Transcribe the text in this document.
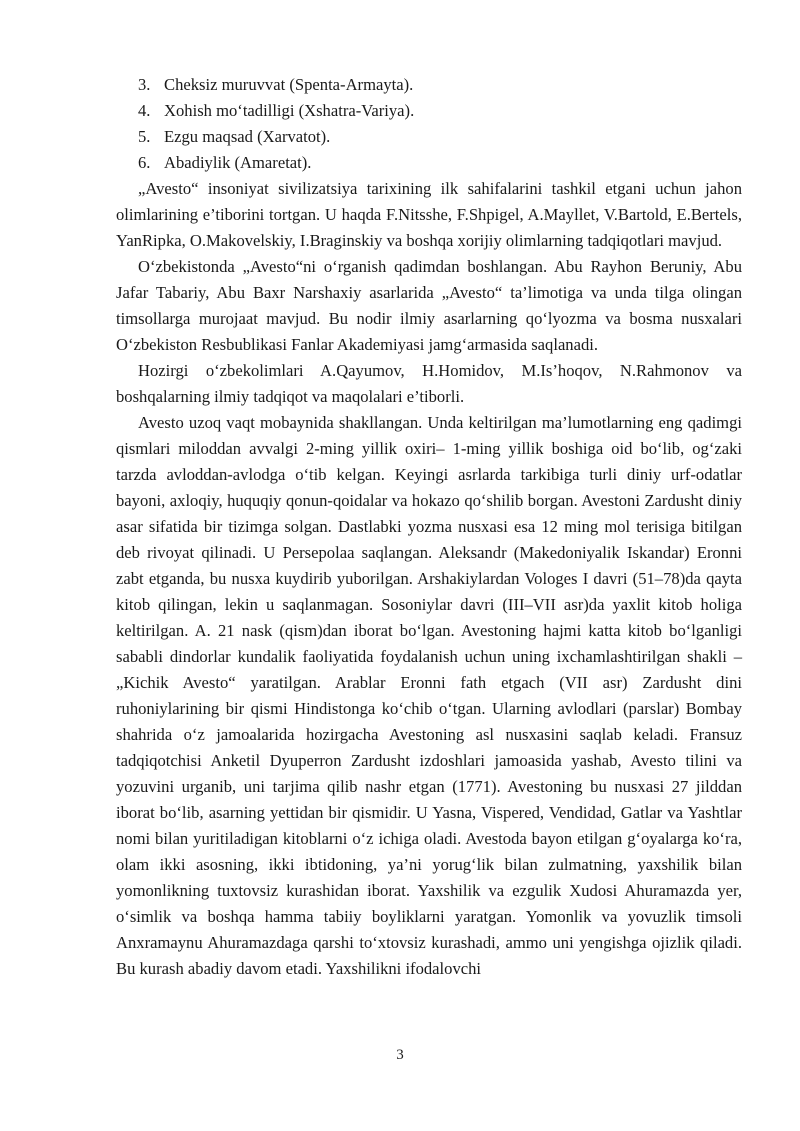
3. Cheksiz muruvvat (Spenta-Armayta).
4. Xohish mo‘tadilligi (Xshatra-Variya).
5. Ezgu maqsad (Xarvatot).
6. Abadiylik (Amaretat).

„Avesto“ insoniyat sivilizatsiya tarixining ilk sahifalarini tashkil etgani uchun jahon olimlarining e’tiborini tortgan. U haqda F.Nitsshe, F.Shpigel, A.Mayllet, V.Bartold, E.Bertels, YanRipka, O.Makovelskiy, I.Braginskiy va boshqa xorijiy olimlarning tadqiqotlari mavjud.

O‘zbekistonda „Avesto“ni o‘rganish qadimdan boshlangan. Abu Rayhon Beruniy, Abu Jafar Tabariy, Abu Baxr Narshaxiy asarlarida „Avesto“ ta’limotiga va unda tilga olingan timsollarga murojaat mavjud. Bu nodir ilmiy asarlarning qo‘lyozma va bosma nusxalari O‘zbekiston Resbublikasi Fanlar Akademiyasi jamg‘armasida saqlanadi.

Hozirgi o‘zbekolimlari A.Qayumov, H.Homidov, M.Is’hoqov, N.Rahmonov va boshqalarning ilmiy tadqiqot va maqolalari e’tiborli.

Avesto uzoq vaqt mobaynida shakllangan. Unda keltirilgan ma’lumotlarning eng qadimgi qismlari miloddan avvalgi 2-ming yillik oxiri– 1-ming yillik boshiga oid bo‘lib, og‘zaki tarzda avloddan-avlodga o‘tib kelgan. Keyingi asrlarda tarkibiga turli diniy urf-odatlar bayoni, axloqiy, huquqiy qonun-qoidalar va hokazo qo‘shilib borgan. Avestoni Zardusht diniy asar sifatida bir tizimga solgan. Dastlabki yozma nusxasi esa 12 ming mol terisiga bitilgan deb rivoyat qilinadi. U Persepolaa saqlangan. Aleksandr (Makedoniyalik Iskandar) Eronni zabt etganda, bu nusxa kuydirib yuborilgan. Arshakiylardan Vologes I davri (51–78)da qayta kitob qilingan, lekin u saqlanmagan. Sosoniylar davri (III–VII asr)da yaxlit kitob holiga keltirilgan. A. 21 nask (qism)dan iborat bo‘lgan. Avestoning hajmi katta kitob bo‘lganligi sababli dindorlar kundalik faoliyatida foydalanish uchun uning ixchamlashtirilgan shakli – „Kichik Avesto“ yaratilgan. Arablar Eronni fath etgach (VII asr) Zardusht dini ruhoniylarining bir qismi Hindistonga ko‘chib o‘tgan. Ularning avlodlari (parslar) Bombay shahrida o‘z jamoalarida hozirgacha Avestoning asl nusxasini saqlab keladi. Fransuz tadqiqotchisi Anketil Dyuperron Zardusht izdoshlari jamoasida yashab, Avesto tilini va yozuvini urganib, uni tarjima qilib nashr etgan (1771). Avestoning bu nusxasi 27 jilddan iborat bo‘lib, asarning yettidan bir qismidir. U Yasna, Vispered, Vendidad, Gatlar va Yashtlar nomi bilan yuritiladigan kitoblarni o‘z ichiga oladi. Avestoda bayon etilgan g‘oyalarga ko‘ra, olam ikki asosning, ikki ibtidoning, ya’ni yorug‘lik bilan zulmatning, yaxshilik bilan yomonlikning tuxtovsiz kurashidan iborat. Yaxshilik va ezgulik Xudosi Ahuramazda yer, o‘simlik va boshqa hamma tabiiy boyliklarni yaratgan. Yomonlik va yovuzlik timsoli Anxramaynu Ahuramazdaga qarshi to‘xtovsiz kurashadi, ammo uni yengishga ojizlik qiladi. Bu kurash abadiy davom etadi. Yaxshilikni ifodalovchi

3
